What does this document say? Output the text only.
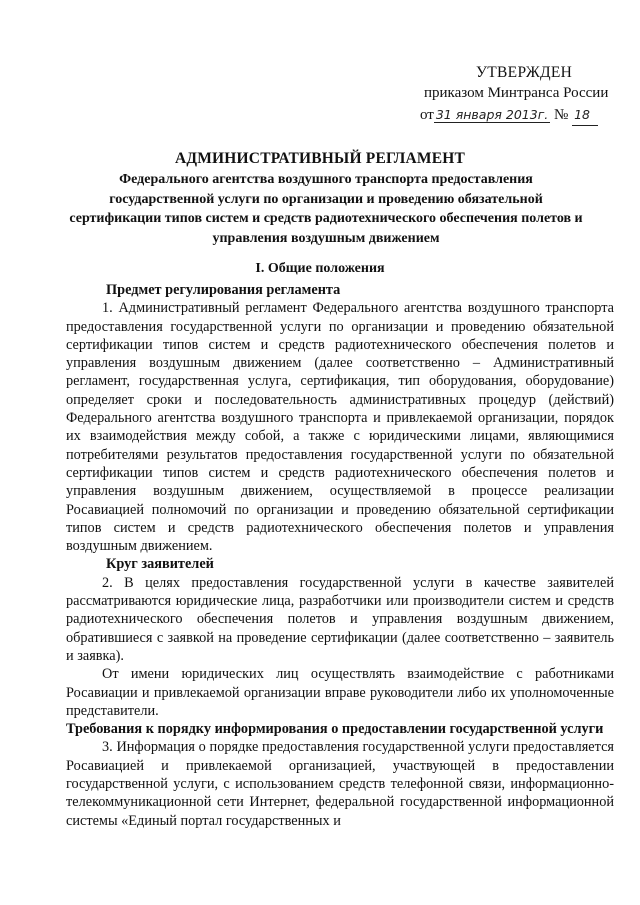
УТВЕРЖДЕН
приказом Минтранса России
от 31 января 2013г. № 18
АДМИНИСТРАТИВНЫЙ РЕГЛАМЕНТ
Федерального агентства воздушного транспорта предоставления государственной услуги по организации и проведению обязательной сертификации типов систем и средств радиотехнического обеспечения полетов и управления воздушным движением
I. Общие положения

Предмет регулирования регламента

1. Административный регламент Федерального агентства воздушного транспорта предоставления государственной услуги по организации и проведению обязательной сертификации типов систем и средств радиотехнического обеспечения полетов и управления воздушным движением (далее соответственно – Административный регламент, государственная услуга, сертификация, тип оборудования, оборудование) определяет сроки и последовательность административных процедур (действий) Федерального агентства воздушного транспорта и привлекаемой организации, порядок их взаимодействия между собой, а также с юридическими лицами, являющимися потребителями результатов предоставления государственной услуги по обязательной сертификации типов систем и средств радиотехнического обеспечения полетов и управления воздушным движением, осуществляемой в процессе реализации Росавиацией полномочий по организации и проведению обязательной сертификации типов систем и средств радиотехнического обеспечения полетов и управления воздушным движением.

Круг заявителей

2. В целях предоставления государственной услуги в качестве заявителей рассматриваются юридические лица, разработчики или производители систем и средств радиотехнического обеспечения полетов и управления воздушным движением, обратившиеся с заявкой на проведение сертификации (далее соответственно – заявитель и заявка).

От имени юридических лиц осуществлять взаимодействие с работниками Росавиации и привлекаемой организации вправе руководители либо их уполномоченные представители.

Требования к порядку информирования о предоставлении государственной услуги

3. Информация о порядке предоставления государственной услуги предоставляется Росавиацией и привлекаемой организацией, участвующей в предоставлении государственной услуги, с использованием средств телефонной связи, информационно-телекоммуникационной сети Интернет, федеральной государственной информационной системы «Единый портал государственных и
